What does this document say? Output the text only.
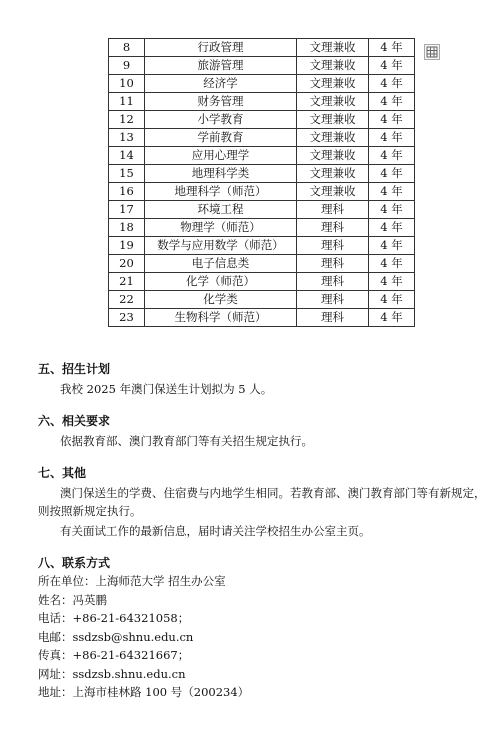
8	行政管理	文理兼收	4 年
9	旅游管理	文理兼收	4 年
10	经济学	文理兼收	4 年
11	财务管理	文理兼收	4 年
12	小学教育	文理兼收	4 年
13	学前教育	文理兼收	4 年
14	应用心理学	文理兼收	4 年
15	地理科学类	文理兼收	4 年
16	地理科学（师范）	文理兼收	4 年
17	环境工程	理科	4 年
18	物理学（师范）	理科	4 年
19	数学与应用数学（师范）	理科	4 年
20	电子信息类	理科	4 年
21	化学（师范）	理科	4 年
22	化学类	理科	4 年
23	生物科学（师范）	理科	4 年
五、招生计划

我校 2025 年澳门保送生计划拟为 5 人。

六、相关要求

依据教育部、澳门教育部门等有关招生规定执行。

七、其他

澳门保送生的学费、住宿费与内地学生相同。若教育部、澳门教育部门等有新规定，则按照新规定执行。

有关面试工作的最新信息，届时请关注学校招生办公室主页。

八、联系方式
所在单位：上海师范大学 招生办公室
姓名：冯英鹏
电话：+86-21-64321058；
电邮：ssdzsb@shnu.edu.cn
传真：+86-21-64321667；
网址：ssdzsb.shnu.edu.cn
地址：上海市桂林路 100 号（200234）
